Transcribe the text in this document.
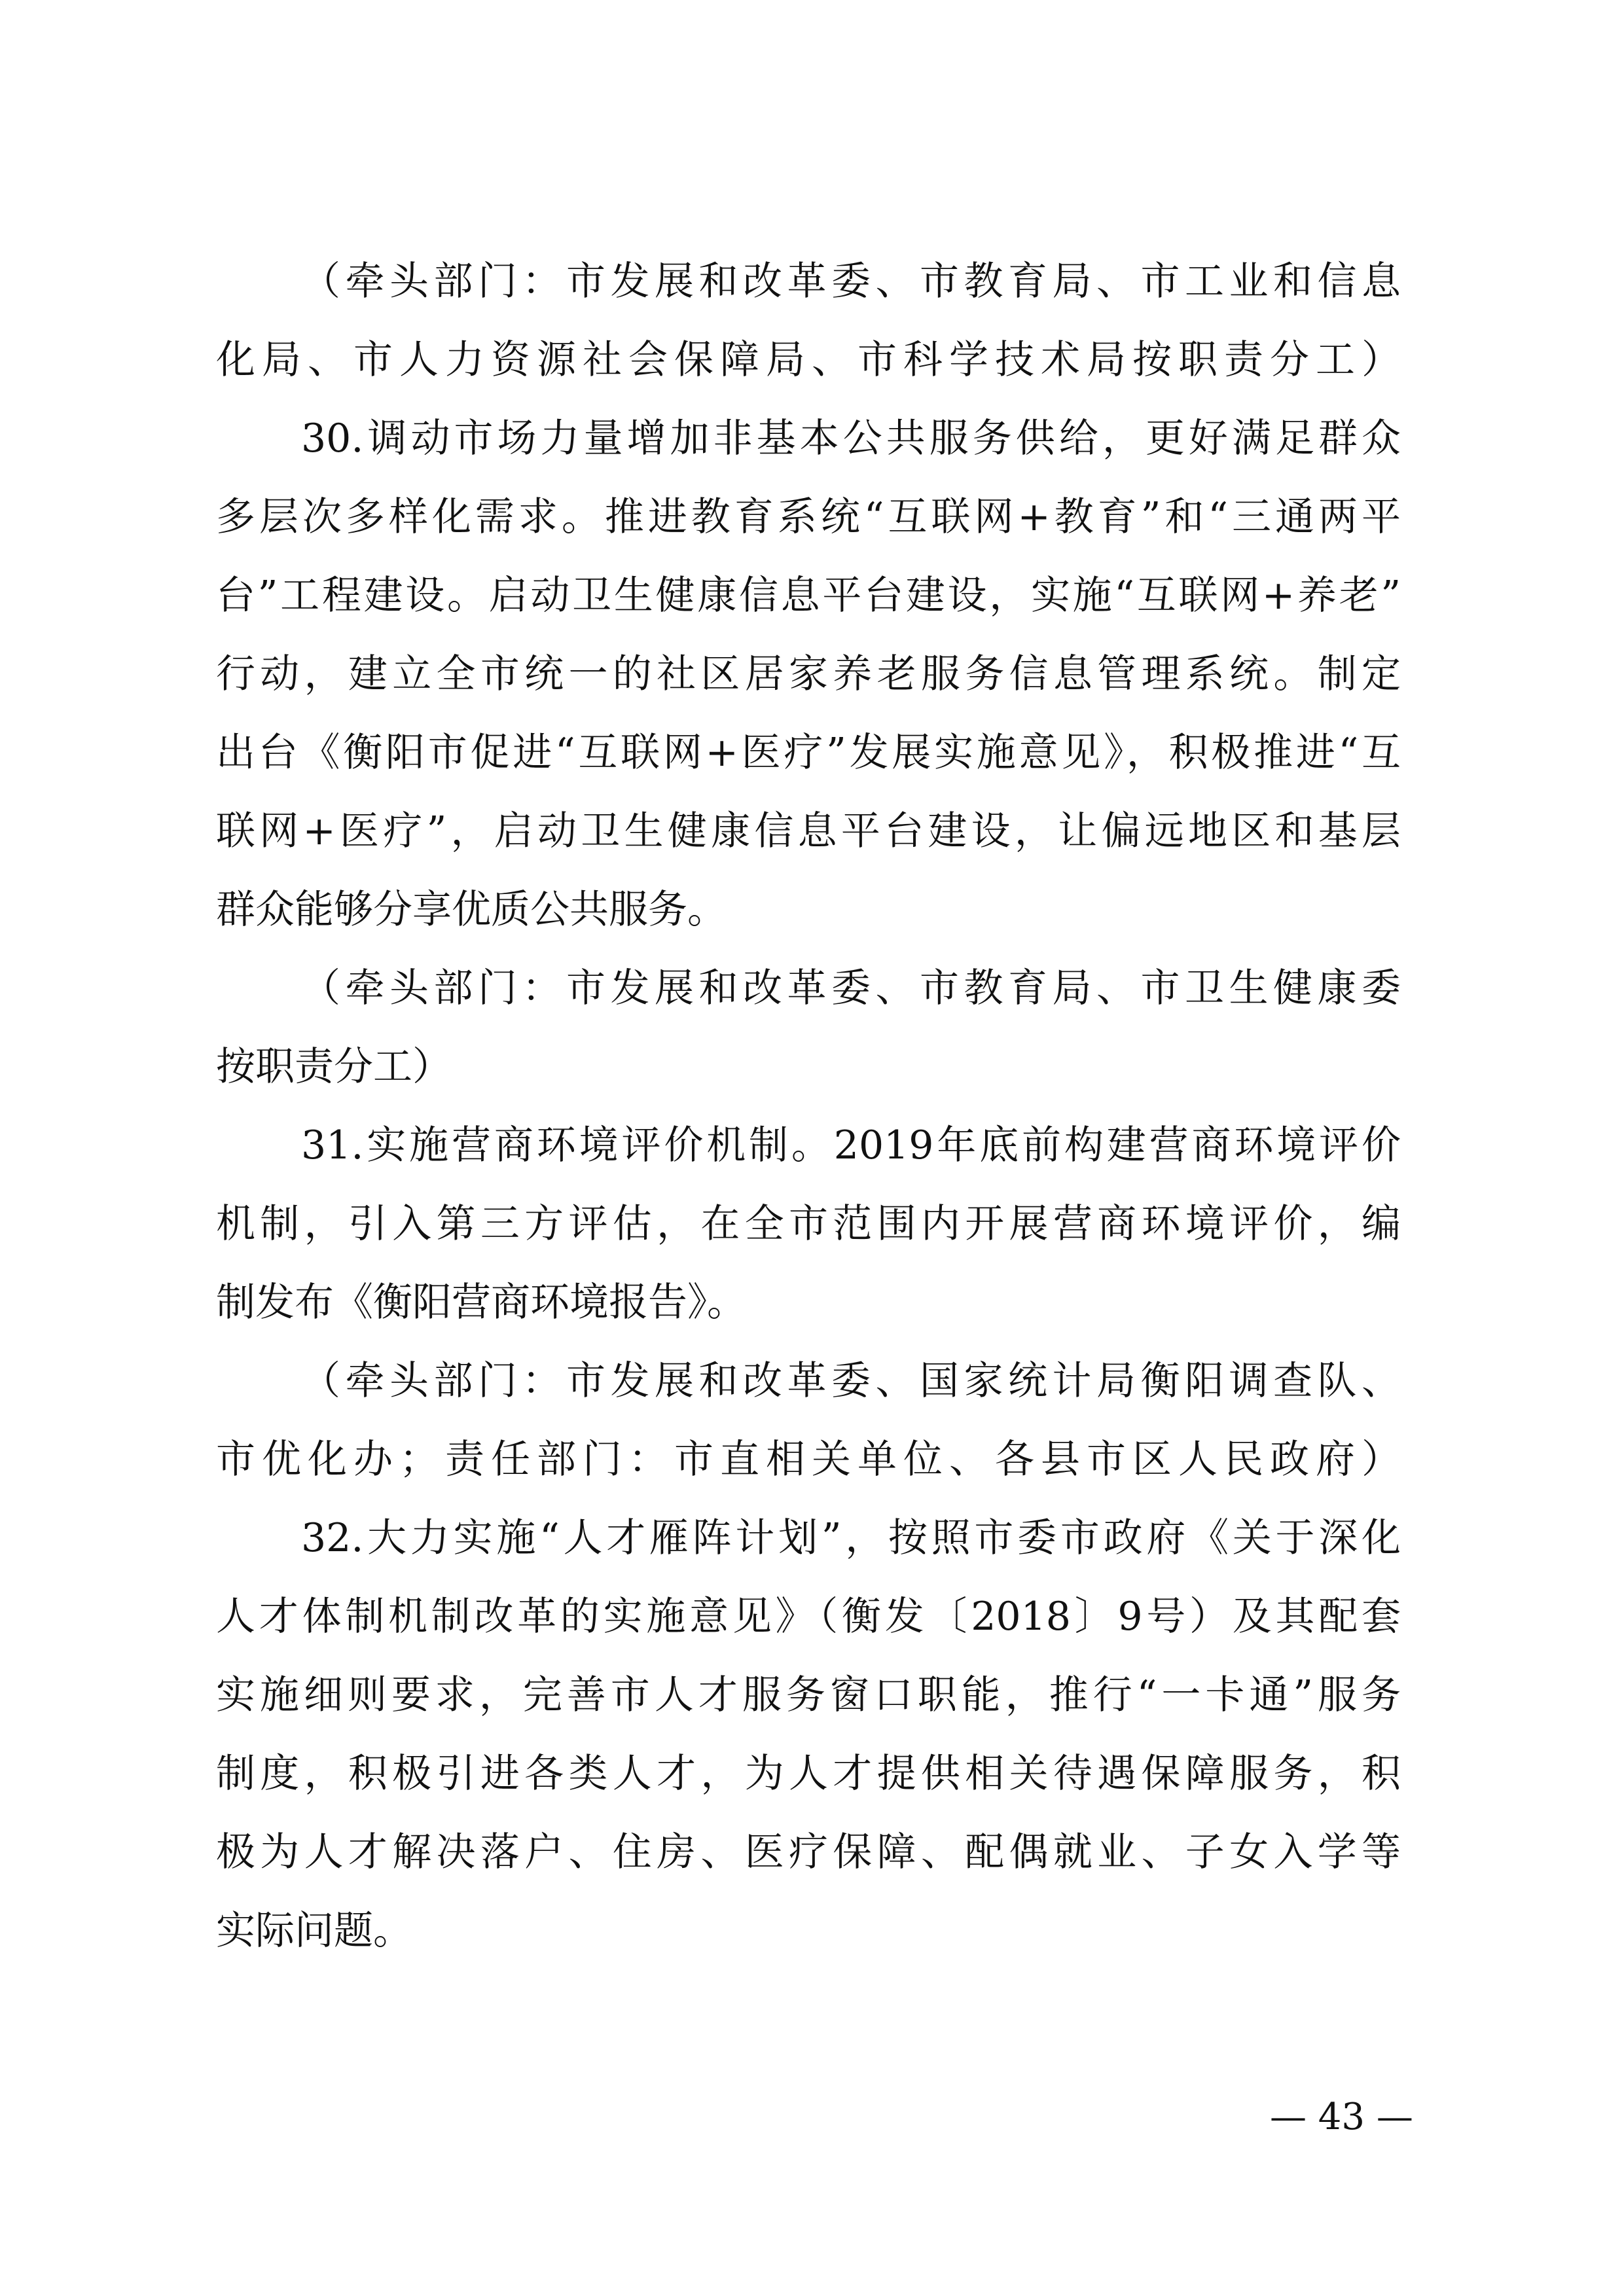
（牵头部门：市发展和改革委、市教育局、市工业和信息
化局、市人力资源社会保障局、市科学技术局按职责分工）
30.调动市场力量增加非基本公共服务供给，更好满足群众
多层次多样化需求。推进教育系统“互联网+教育”和“三通两平
台”工程建设。启动卫生健康信息平台建设，实施“互联网+养老”
行动，建立全市统一的社区居家养老服务信息管理系统。制定
出台《衡阳市促进“互联网+医疗”发展实施意见》，积极推进“互
联网+医疗”，启动卫生健康信息平台建设，让偏远地区和基层
群众能够分享优质公共服务。
（牵头部门：市发展和改革委、市教育局、市卫生健康委
按职责分工）
31.实施营商环境评价机制。2019年底前构建营商环境评价
机制，引入第三方评估，在全市范围内开展营商环境评价，编
制发布《衡阳营商环境报告》。
（牵头部门：市发展和改革委、国家统计局衡阳调查队、
市优化办；责任部门：市直相关单位、各县市区人民政府）
32.大力实施“人才雁阵计划”，按照市委市政府《关于深化
人才体制机制改革的实施意见》（衡发〔2018〕9号）及其配套
实施细则要求，完善市人才服务窗口职能，推行“一卡通”服务
制度，积极引进各类人才，为人才提供相关待遇保障服务，积
极为人才解决落户、住房、医疗保障、配偶就业、子女入学等
实际问题。
— 43 —
